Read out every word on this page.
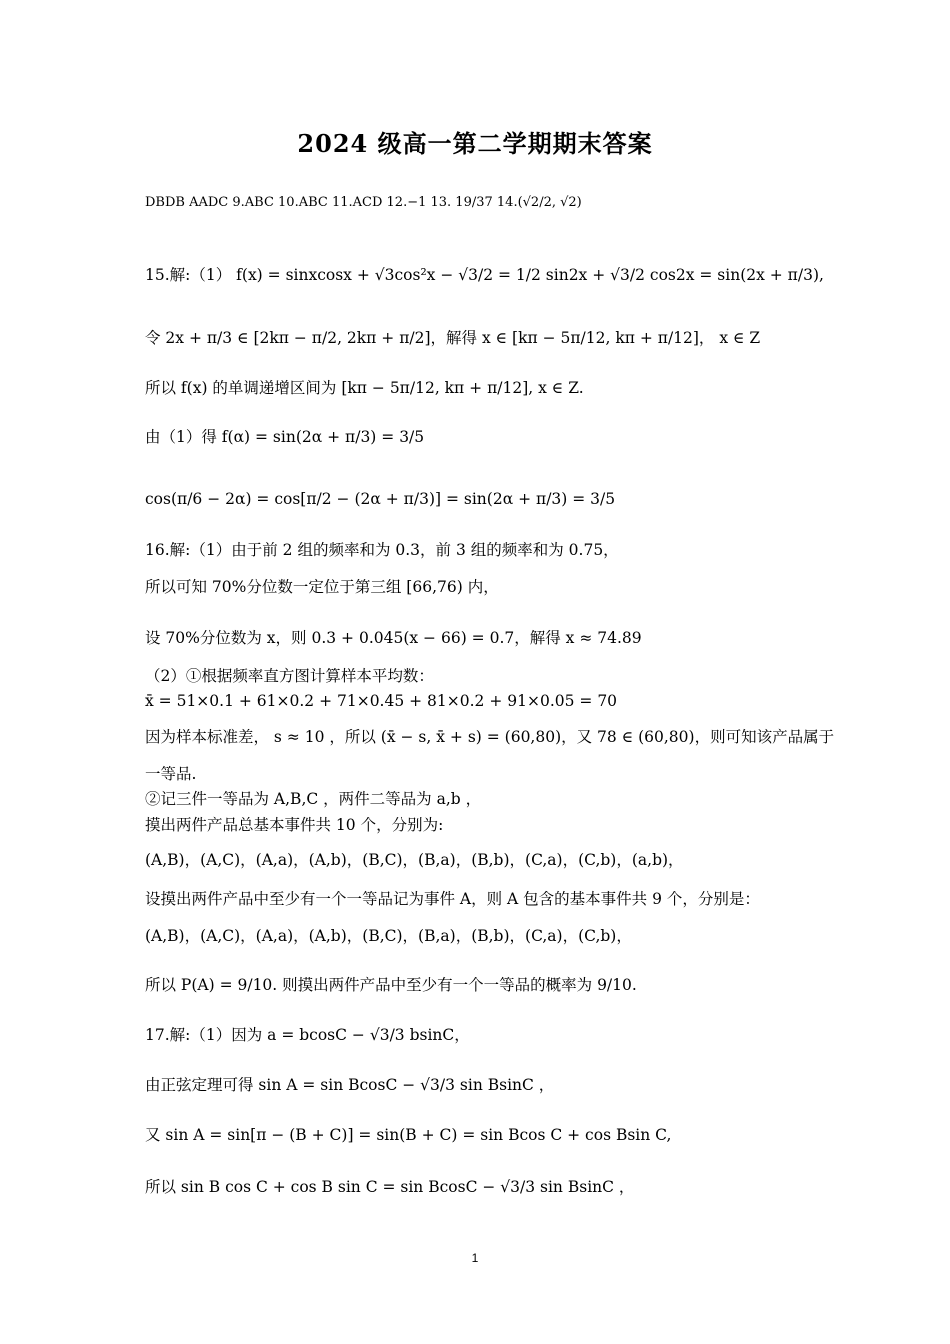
2024 级高一第二学期期末答案
DBDB AADC 9.ABC 10.ABC 11.ACD 12.−1 13. 19/37 14.(√2/2, √2)
15.解:（1） f(x) = sinxcosx + √3cos²x − √3/2 = 1/2 sin2x + √3/2 cos2x = sin(2x + π/3),
令 2x + π/3 ∈ [2kπ − π/2, 2kπ + π/2]，解得 x ∈ [kπ − 5π/12, kπ + π/12]， x ∈ Z
所以 f(x) 的单调递增区间为 [kπ − 5π/12, kπ + π/12], x ∈ Z.
由（1）得 f(α) = sin(2α + π/3) = 3/5
cos(π/6 − 2α) = cos[π/2 − (2α + π/3)] = sin(2α + π/3) = 3/5
16.解:（1）由于前 2 组的频率和为 0.3，前 3 组的频率和为 0.75，
所以可知 70%分位数一定位于第三组 [66,76) 内，
设 70%分位数为 x，则 0.3 + 0.045(x − 66) = 0.7，解得 x ≈ 74.89
（2）①根据频率直方图计算样本平均数：
x̄ = 51×0.1 + 61×0.2 + 71×0.45 + 81×0.2 + 91×0.05 = 70
因为样本标准差， s ≈ 10 ，所以 (x̄ − s, x̄ + s) = (60,80)，又 78 ∈ (60,80)，则可知该产品属于
一等品.
②记三件一等品为 A,B,C ，两件二等品为 a,b ，
摸出两件产品总基本事件共 10 个，分别为:
(A,B)，(A,C)，(A,a)，(A,b)，(B,C)，(B,a)，(B,b)，(C,a)，(C,b)，(a,b)，
设摸出两件产品中至少有一个一等品记为事件 A，则 A 包含的基本事件共 9 个，分别是：
(A,B)，(A,C)，(A,a)，(A,b)，(B,C)，(B,a)，(B,b)，(C,a)，(C,b)，
所以 P(A) = 9/10. 则摸出两件产品中至少有一个一等品的概率为 9/10.
17.解:（1）因为 a = bcosC − √3/3 bsinC，
由正弦定理可得 sin A = sin BcosC − √3/3 sin BsinC ，
又 sin A = sin[π − (B + C)] = sin(B + C) = sin Bcos C + cos Bsin C,
所以 sin B cos C + cos B sin C = sin BcosC − √3/3 sin BsinC ，
1
